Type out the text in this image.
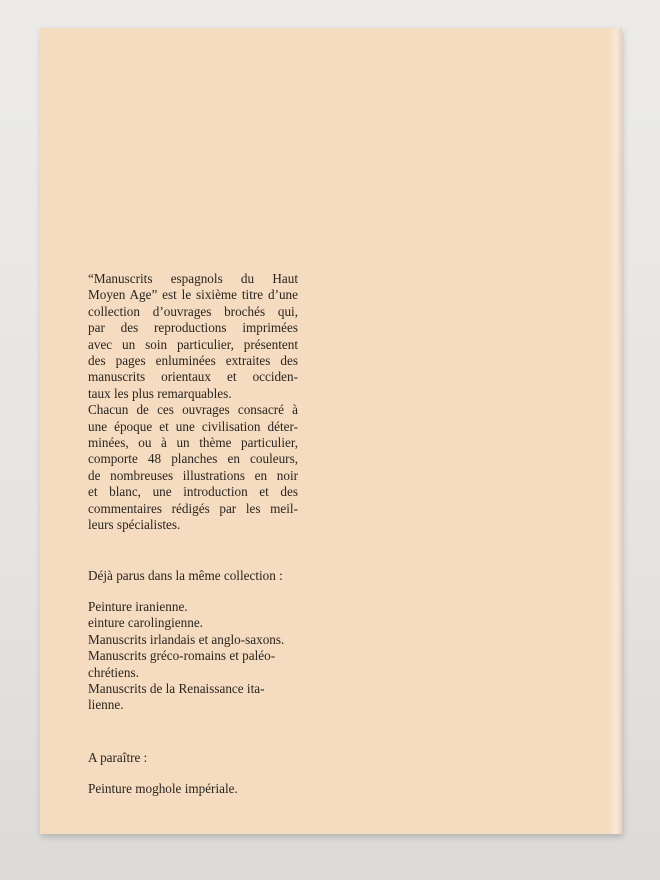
“Manuscrits espagnols du Haut
Moyen Age” est le sixième titre d’une
collection d’ouvrages brochés qui,
par des reproductions imprimées
avec un soin particulier, présentent
des pages enluminées extraites des
manuscrits orientaux et occiden-
taux les plus remarquables.
Chacun de ces ouvrages consacré à
une époque et une civilisation déter-
minées, ou à un thème particulier,
comporte 48 planches en couleurs,
de nombreuses illustrations en noir
et blanc, une introduction et des
commentaires rédigés par les meil-
leurs spécialistes.
Déjà parus dans la même collection :
Peinture iranienne.
einture carolingienne.
Manuscrits irlandais et anglo-saxons.
Manuscrits gréco-romains et paléo-
chrétiens.
Manuscrits de la Renaissance ita-
lienne.
A paraître :
Peinture moghole impériale.
